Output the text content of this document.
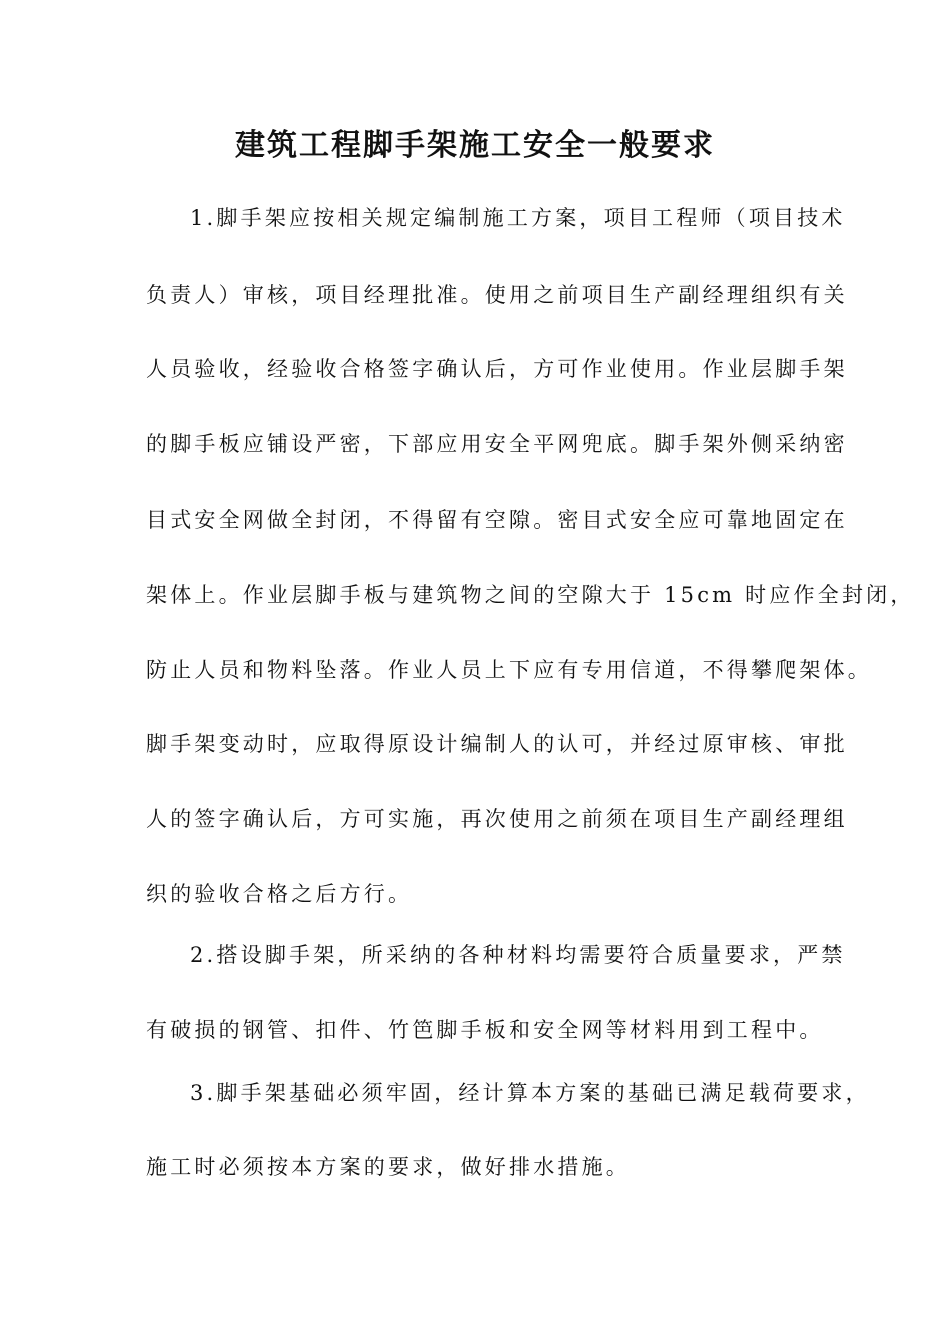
建筑工程脚手架施工安全一般要求
1.脚手架应按相关规定编制施工方案，项目工程师（项目技术
负责人）审核，项目经理批准。使用之前项目生产副经理组织有关
人员验收，经验收合格签字确认后，方可作业使用。作业层脚手架
的脚手板应铺设严密，下部应用安全平网兜底。脚手架外侧采纳密
目式安全网做全封闭，不得留有空隙。密目式安全应可靠地固定在
架体上。作业层脚手板与建筑物之间的空隙大于 15cm 时应作全封闭，
防止人员和物料坠落。作业人员上下应有专用信道，不得攀爬架体。
脚手架变动时，应取得原设计编制人的认可，并经过原审核、审批
人的签字确认后，方可实施，再次使用之前须在项目生产副经理组
织的验收合格之后方行。
2.搭设脚手架，所采纳的各种材料均需要符合质量要求，严禁
有破损的钢管、扣件、竹笆脚手板和安全网等材料用到工程中。
3.脚手架基础必须牢固，经计算本方案的基础已满足载荷要求，
施工时必须按本方案的要求，做好排水措施。
